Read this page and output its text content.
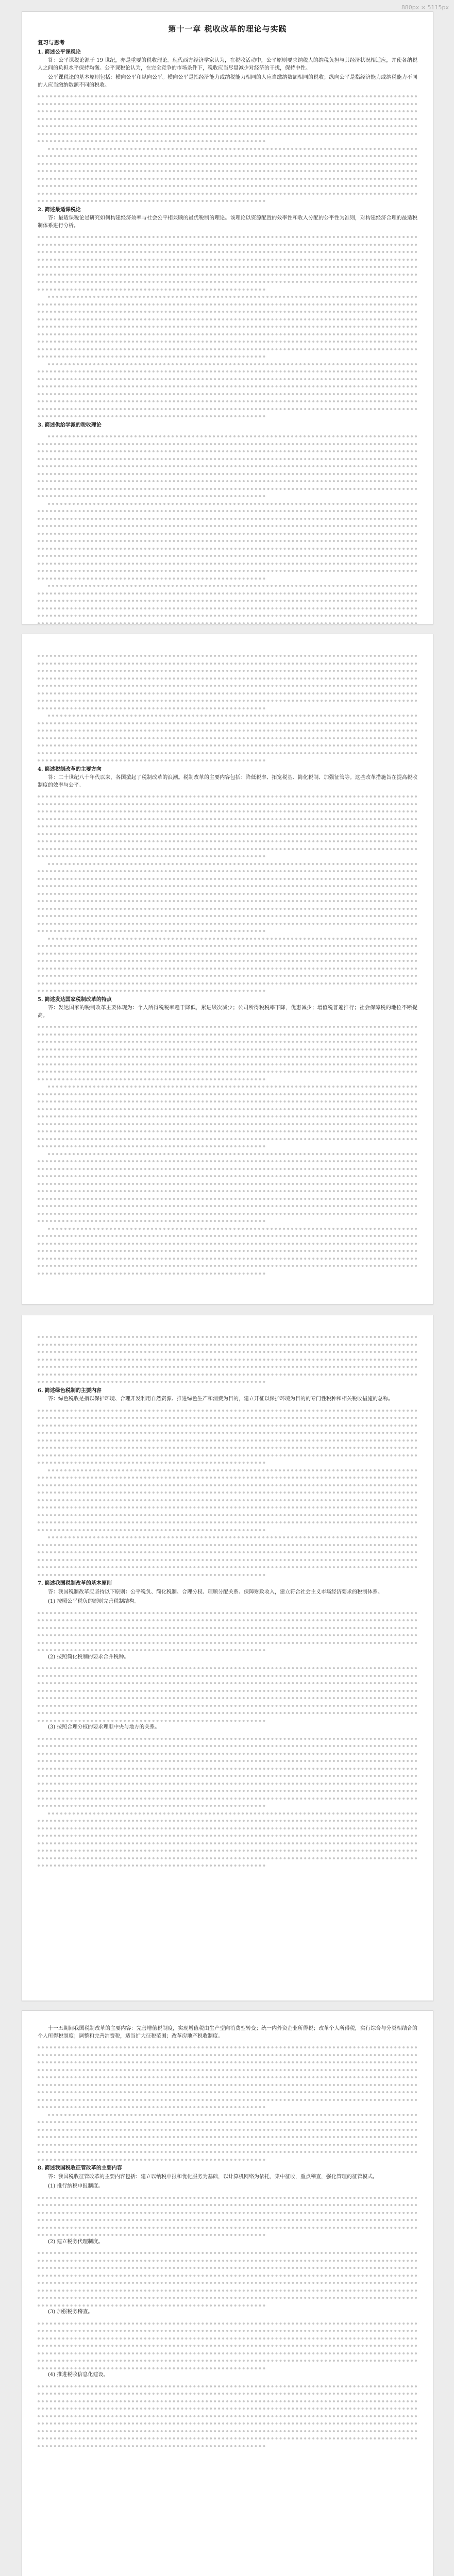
880px × 5115px
第十一章 税收改革的理论与实践
复习与思考
1. 简述公平课税论

答：公平课税论源于 19 世纪，亦是重要的税收理论。现代西方经济学家认为，在税收活动中，公平原则要求纳税人的纳税负担与其经济状况相适应，并使各纳税人之间的负担水平保持均衡。公平课税论认为，在完全竞争的市场条件下，税收应当尽量减少对经济的干扰，保持中性。

公平课税论的基本原则包括：横向公平和纵向公平。横向公平是指经济能力或纳税能力相同的人应当缴纳数额相同的税收；纵向公平是指经济能力或纳税能力不同的人应当缴纳数额不同的税收。

2. 简述最适课税论

答：最适课税论是研究如何构建经济效率与社会公平相兼顾的最优税制的理论。该理论以资源配置的效率性和收入分配的公平性为准则，对构建经济合理的最适税制体系进行分析。

3. 简述供给学派的税收理论
4. 简述税制改革的主要方向

答：二十世纪八十年代以来，各国掀起了税制改革的浪潮。税制改革的主要内容包括：降低税率、拓宽税基、简化税制、加强征管等。这些改革措施旨在提高税收制度的效率与公平。

5. 简述发达国家税制改革的特点

答：发达国家的税制改革主要体现为：个人所得税税率趋于降低，累进级次减少；公司所得税税率下降，优惠减少；增值税普遍推行；社会保障税的地位不断提高。

6. 简述绿色税制的主要内容

答：绿色税收是指以保护环境、合理开发利用自然资源、推进绿色生产和消费为目的，建立开征以保护环境为目的的专门性税种和相关税收措施的总称。

7. 简述我国税制改革的基本原则

答：我国税制改革应坚持以下原则：公平税负、简化税制、合理分权、理顺分配关系、保障财政收入，建立符合社会主义市场经济要求的税制体系。

(1) 按照公平税负的原则完善税制结构。
(2) 按照简化税制的要求合并税种。
(3) 按照合理分权的要求理顺中央与地方的关系。

十一五期间我国税制改革的主要内容：完善增值税制度，实现增值税由生产型向消费型转变；统一内外资企业所得税；改革个人所得税，实行综合与分类相结合的个人所得税制度；调整和完善消费税，适当扩大征税范围；改革房地产税收制度。

8. 简述我国税收征管改革的主要内容

答：我国税收征管改革的主要内容包括：建立以纳税申报和优化服务为基础，以计算机网络为依托，集中征收，重点稽查，强化管理的征管模式。

(1) 推行纳税申报制度。
(2) 建立税务代理制度。
(3) 加强税务稽查。
(4) 推进税收信息化建设。
